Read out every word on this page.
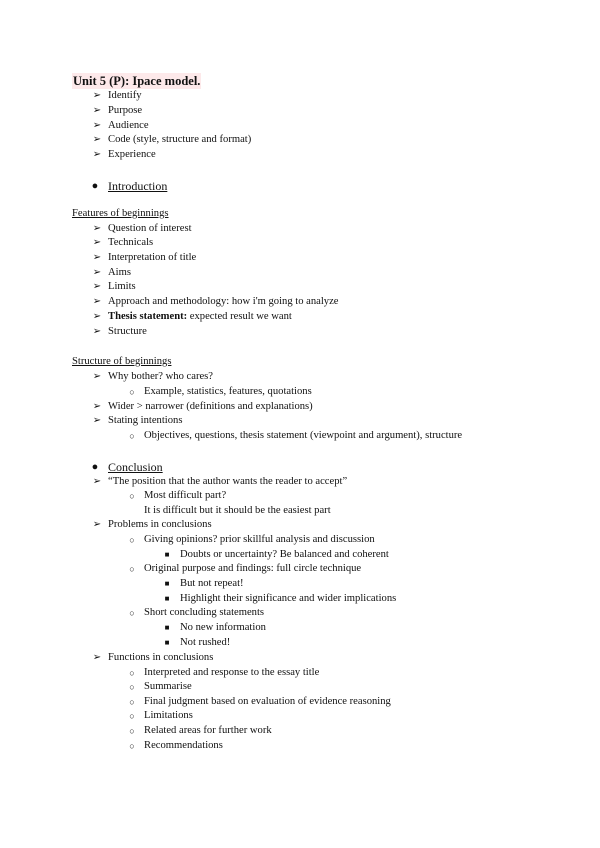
Unit 5 (P): Ipace model.
➢ Identify
➢ Purpose
➢ Audience
➢ Code (style, structure and format)
➢ Experience
● Introduction
Features of beginnings
➢ Question of interest
➢ Technicals
➢ Interpretation of title
➢ Aims
➢ Limits
➢ Approach and methodology: how i'm going to analyze
➢ Thesis statement: expected result we want
➢ Structure
Structure of beginnings
➢ Why bother? who cares?
○ Example, statistics, features, quotations
➢ Wider > narrower (definitions and explanations)
➢ Stating intentions
○ Objectives, questions, thesis statement (viewpoint and argument), structure
● Conclusion
➢ “The position that the author wants the reader to accept”
○ Most difficult part?
It is difficult but it should be the easiest part
➢ Problems in conclusions
○ Giving opinions? prior skillful analysis and discussion
■ Doubts or uncertainty? Be balanced and coherent
○ Original purpose and findings: full circle technique
■ But not repeat!
■ Highlight their significance and wider implications
○ Short concluding statements
■ No new information
■ Not rushed!
➢ Functions in conclusions
○ Interpreted and response to the essay title
○ Summarise
○ Final judgment based on evaluation of evidence reasoning
○ Limitations
○ Related areas for further work
○ Recommendations
